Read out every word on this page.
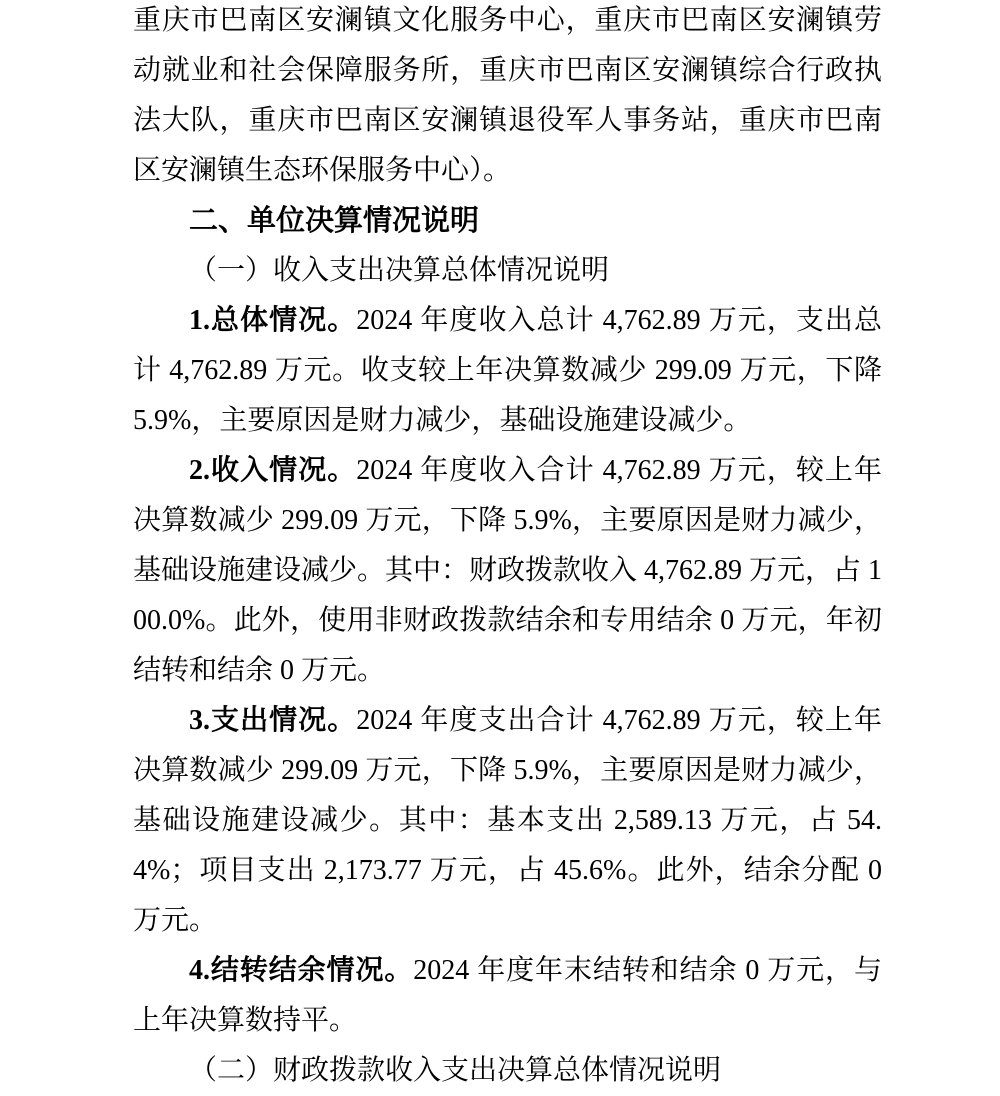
重庆市巴南区安澜镇文化服务中心，重庆市巴南区安澜镇劳动就业和社会保障服务所，重庆市巴南区安澜镇综合行政执法大队，重庆市巴南区安澜镇退役军人事务站，重庆市巴南区安澜镇生态环保服务中心）。

二、单位决算情况说明
（一）收入支出决算总体情况说明

1.总体情况。2024 年度收入总计 4,762.89 万元，支出总计 4,762.89 万元。收支较上年决算数减少 299.09 万元，下降 5.9%，主要原因是财力减少，基础设施建设减少。

2.收入情况。2024 年度收入合计 4,762.89 万元，较上年决算数减少 299.09 万元，下降 5.9%，主要原因是财力减少，基础设施建设减少。其中：财政拨款收入 4,762.89 万元，占 100.0%。此外，使用非财政拨款结余和专用结余 0 万元，年初结转和结余 0 万元。

3.支出情况。2024 年度支出合计 4,762.89 万元，较上年决算数减少 299.09 万元，下降 5.9%，主要原因是财力减少，基础设施建设减少。其中：基本支出 2,589.13 万元，占 54.4%；项目支出 2,173.77 万元，占 45.6%。此外，结余分配 0 万元。

4.结转结余情况。2024 年度年末结转和结余 0 万元，与上年决算数持平。

（二）财政拨款收入支出决算总体情况说明
